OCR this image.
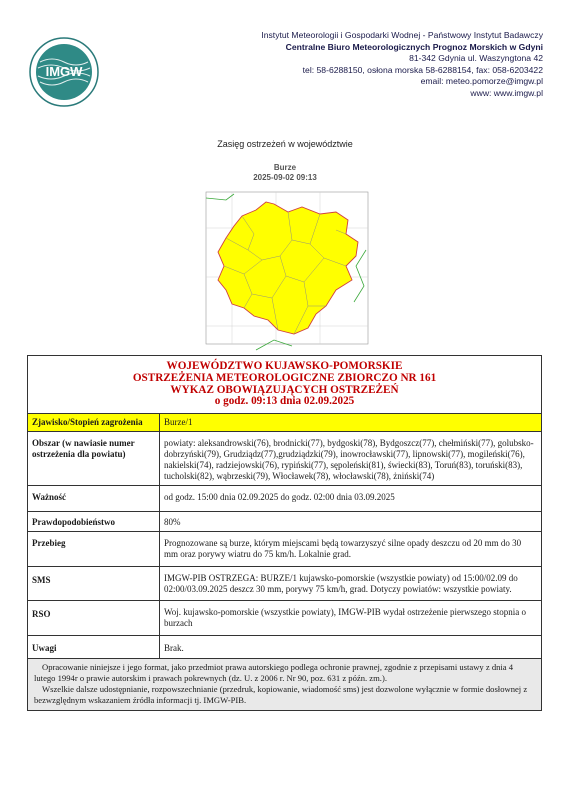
IMGW
Instytut Meteorologii i Gospodarki Wodnej - Państwowy Instytut Badawczy
Centralne Biuro Meteorologicznych Prognoz Morskich w Gdyni
81-342 Gdynia ul. Waszyngtona 42
tel: 58-6288150, osłona morska 58-6288154, fax: 058-6203422
email: meteo.pomorze@imgw.pl
www: www.imgw.pl
Zasięg ostrzeżeń w województwie
Burze
2025-09-02 09:13
WOJEWÓDZTWO KUJAWSKO-POMORSKIE
OSTRZEŻENIA METEOROLOGICZNE ZBIORCZO NR 161
WYKAZ OBOWIĄZUJĄCYCH OSTRZEŻEŃ
o godz. 09:13 dnia 02.09.2025
Zjawisko/Stopień zagrożenia	Burze/1
Obszar (w nawiasie numer ostrzeżenia dla powiatu)	powiaty: aleksandrowski(76), brodnicki(77), bydgoski(78), Bydgoszcz(77), chełmiński(77), golubsko-dobrzyński(79), Grudziądz(77),grudziądzki(79), inowrocławski(77), lipnowski(77), mogileński(76), nakielski(74), radziejowski(76), rypiński(77), sępoleński(81), świecki(83), Toruń(83), toruński(83), tucholski(82), wąbrzeski(79), Włocławek(78), włocławski(78), żniński(74)
Ważność	od godz. 15:00 dnia 02.09.2025 do godz. 02:00 dnia 03.09.2025
Prawdopodobieństwo	80%
Przebieg	Prognozowane są burze, którym miejscami będą towarzyszyć silne opady deszczu od 20 mm do 30 mm oraz porywy wiatru do 75 km/h. Lokalnie grad.
SMS	IMGW-PIB OSTRZEGA: BURZE/1 kujawsko-pomorskie (wszystkie powiaty) od 15:00/02.09 do 02:00/03.09.2025 deszcz 30 mm, porywy 75 km/h, grad. Dotyczy powiatów: wszystkie powiaty.
RSO	Woj. kujawsko-pomorskie (wszystkie powiaty), IMGW-PIB wydał ostrzeżenie pierwszego stopnia o burzach
Uwagi	Brak.
Opracowanie niniejsze i jego format, jako przedmiot prawa autorskiego podlega ochronie prawnej, zgodnie z przepisami ustawy z dnia 4 lutego 1994r o prawie autorskim i prawach pokrewnych (dz. U. z 2006 r. Nr 90, poz. 631 z późn. zm.).
Wszelkie dalsze udostępnianie, rozpowszechnianie (przedruk, kopiowanie, wiadomość sms) jest dozwolone wyłącznie w formie dosłownej z bezwzględnym wskazaniem źródła informacji tj. IMGW-PIB.
